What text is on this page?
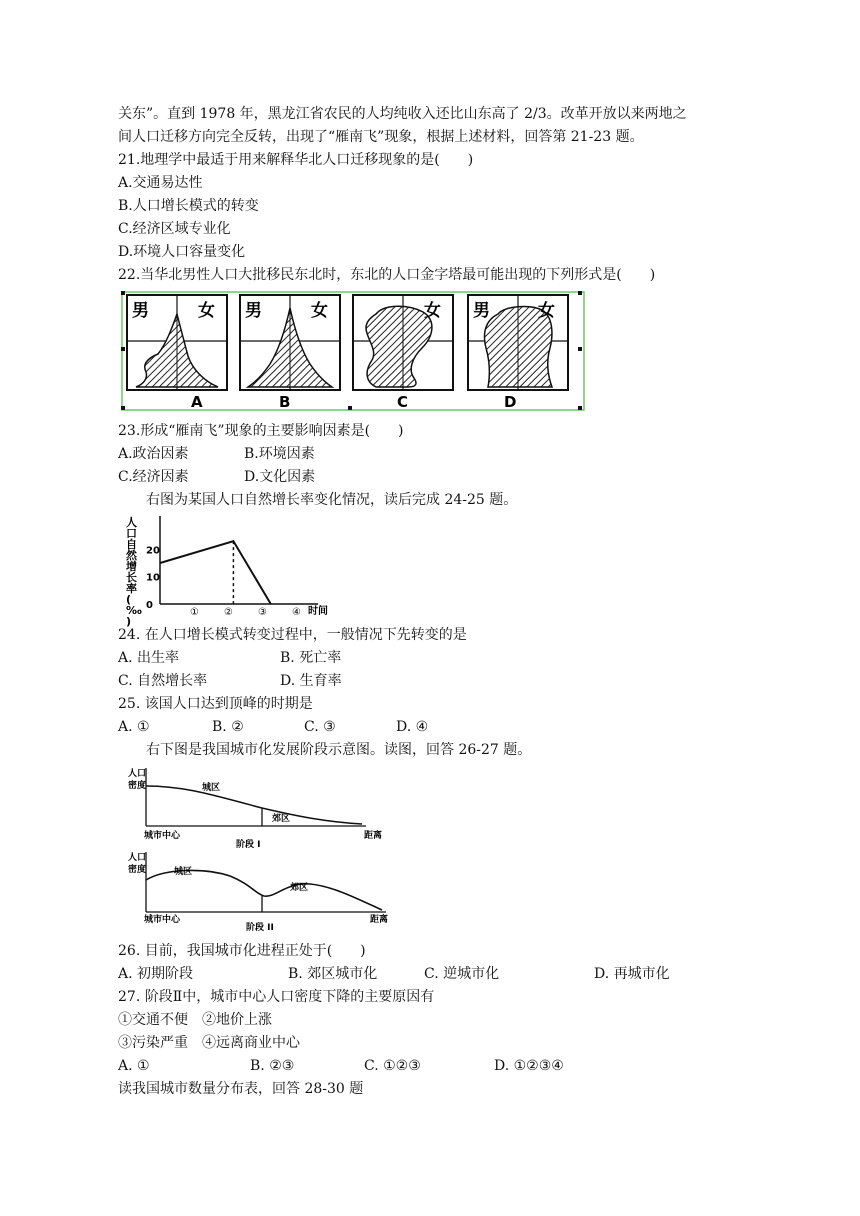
关东”。直到 1978 年，黑龙江省农民的人均纯收入还比山东高了 2/3。改革开放以来两地之
间人口迁移方向完全反转，出现了“雁南飞”现象，根据上述材料，回答第 21-23 题。
21.地理学中最适于用来解释华北人口迁移现象的是(　　)
A.交通易达性
B.人口增长模式的转变
C.经济区域专业化
D.环境人口容量变化
22.当华北男性人口大批移民东北时，东北的人口金字塔最可能出现的下列形式是(　　)
男	女 男	女	女 男	女
A	B	C	D
23.形成“雁南飞”现象的主要影响因素是(　　)
A.政治因素	B.环境因素
C.经济因素	D.文化因素
右图为某国人口自然增长率变化情况，读后完成 24-25 题。
人口自然增长率( ‰ )
20
10
0
①	②	③	④ 时间
24. 在人口增长模式转变过程中，一般情况下先转变的是
A. 出生率	B. 死亡率
C. 自然增长率	D. 生育率
25. 该国人口达到顶峰的时期是
A. ①	B. ②	C. ③	D. ④
右下图是我国城市化发展阶段示意图。读图，回答 26-27 题。
人口
密度	城区
郊区
城市中心	距离
阶段 I
人口
密度	城区
郊区
城市中心	距离
阶段 II
26. 目前，我国城市化进程正处于(　　)
A. 初期阶段	B. 郊区城市化	C. 逆城市化	D. 再城市化
27. 阶段Ⅱ中，城市中心人口密度下降的主要原因有
①交通不便　②地价上涨
③污染严重　④远离商业中心
A. ①	B. ②③	C. ①②③	D. ①②③④
读我国城市数量分布表，回答 28-30 题
